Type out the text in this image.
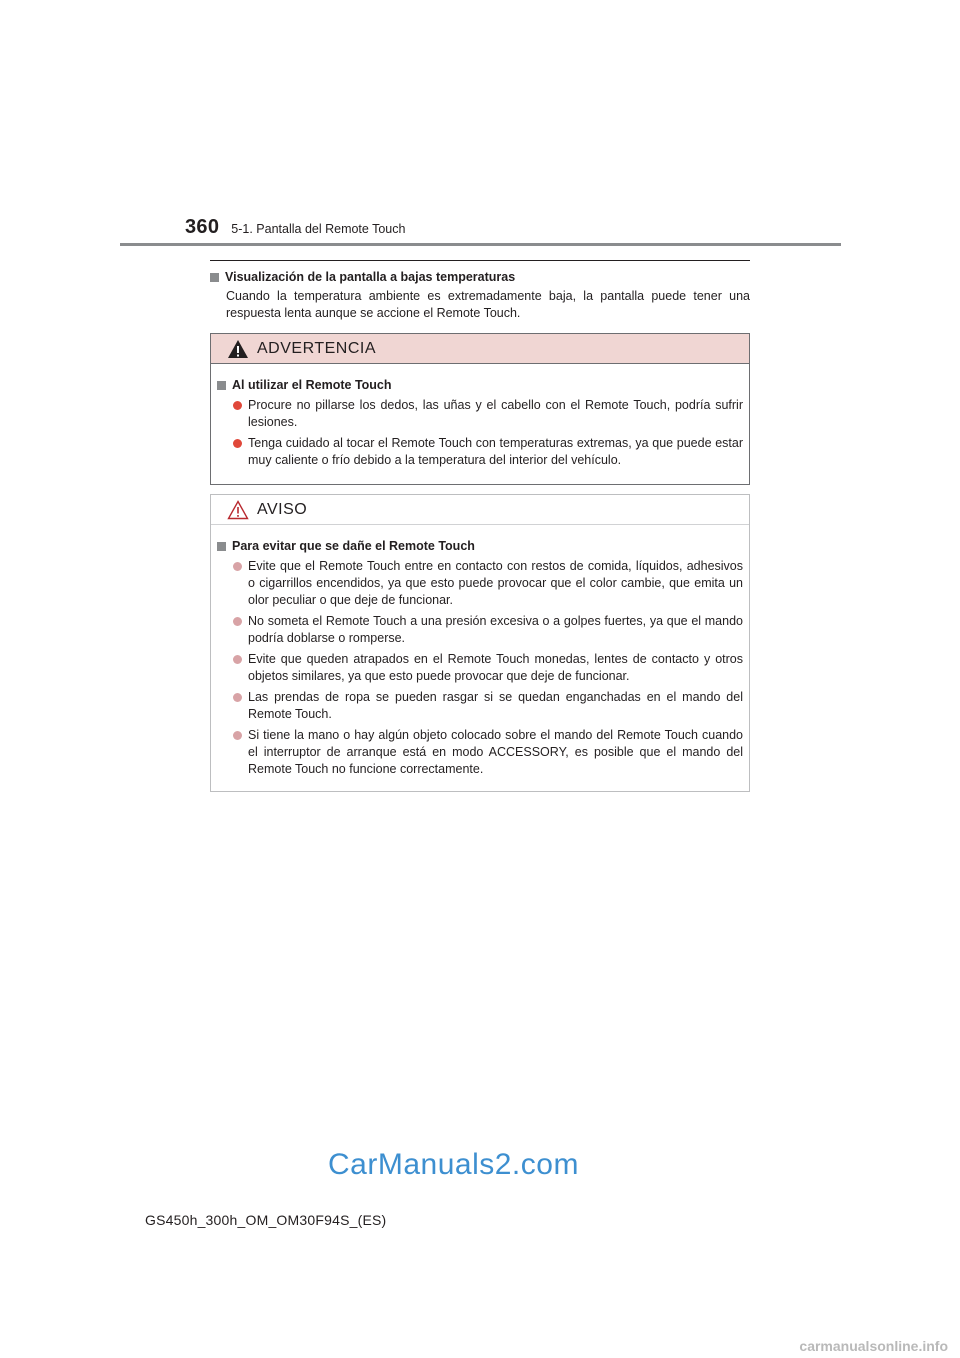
360 5-1. Pantalla del Remote Touch
Visualización de la pantalla a bajas temperaturas
Cuando la temperatura ambiente es extremadamente baja, la pantalla puede tener una respuesta lenta aunque se accione el Remote Touch.
ADVERTENCIA
Al utilizar el Remote Touch
Procure no pillarse los dedos, las uñas y el cabello con el Remote Touch, podría sufrir lesiones.
Tenga cuidado al tocar el Remote Touch con temperaturas extremas, ya que puede estar muy caliente o frío debido a la temperatura del interior del vehículo.
AVISO
Para evitar que se dañe el Remote Touch
Evite que el Remote Touch entre en contacto con restos de comida, líquidos, adhesivos o cigarrillos encendidos, ya que esto puede provocar que el color cambie, que emita un olor peculiar o que deje de funcionar.
No someta el Remote Touch a una presión excesiva o a golpes fuertes, ya que el mando podría doblarse o romperse.
Evite que queden atrapados en el Remote Touch monedas, lentes de contacto y otros objetos similares, ya que esto puede provocar que deje de funcionar.
Las prendas de ropa se pueden rasgar si se quedan enganchadas en el mando del Remote Touch.
Si tiene la mano o hay algún objeto colocado sobre el mando del Remote Touch cuando el interruptor de arranque está en modo ACCESSORY, es posible que el mando del Remote Touch no funcione correctamente.
CarManuals2.com
GS450h_300h_OM_OM30F94S_(ES)
carmanualsonline.info
